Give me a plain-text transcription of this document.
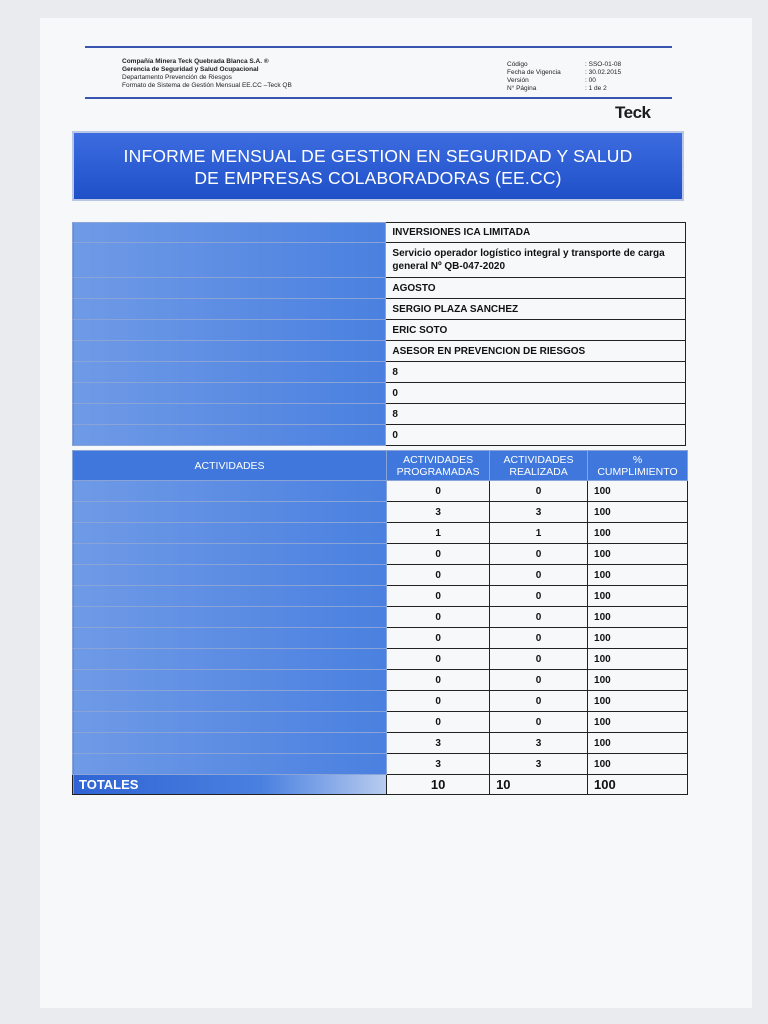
Compañía Minera Teck Quebrada Blanca S.A. ®
Gerencia de Seguridad y Salud Ocupacional
Departamento Prevención de Riesgos
Formato de Sistema de Gestión Mensual EE.CC –Teck QB
Código	: SSO-01-08
Fecha de Vigencia	: 30.02.2015
Versión	: 00
N° Página	: 1 de 2
Teck
INFORME MENSUAL DE GESTION EN SEGURIDAD Y SALUD
DE EMPRESAS COLABORADORAS (EE.CC)
	INVERSIONES ICA LIMITADA
	Servicio operador logístico integral y transporte de carga general Nº QB-047-2020
	AGOSTO
	SERGIO PLAZA SANCHEZ
	ERIC SOTO
	ASESOR EN PREVENCION DE RIESGOS
	8
	0
	8
	0
ACTIVIDADES	ACTIVIDADES PROGRAMADAS	ACTIVIDADES REALIZADA	% CUMPLIMIENTO
	0	0	100
	3	3	100
	1	1	100
	0	0	100
	0	0	100
	0	0	100
	0	0	100
	0	0	100
	0	0	100
	0	0	100
	0	0	100
	0	0	100
	3	3	100
	3	3	100
TOTALES	10	10	100
